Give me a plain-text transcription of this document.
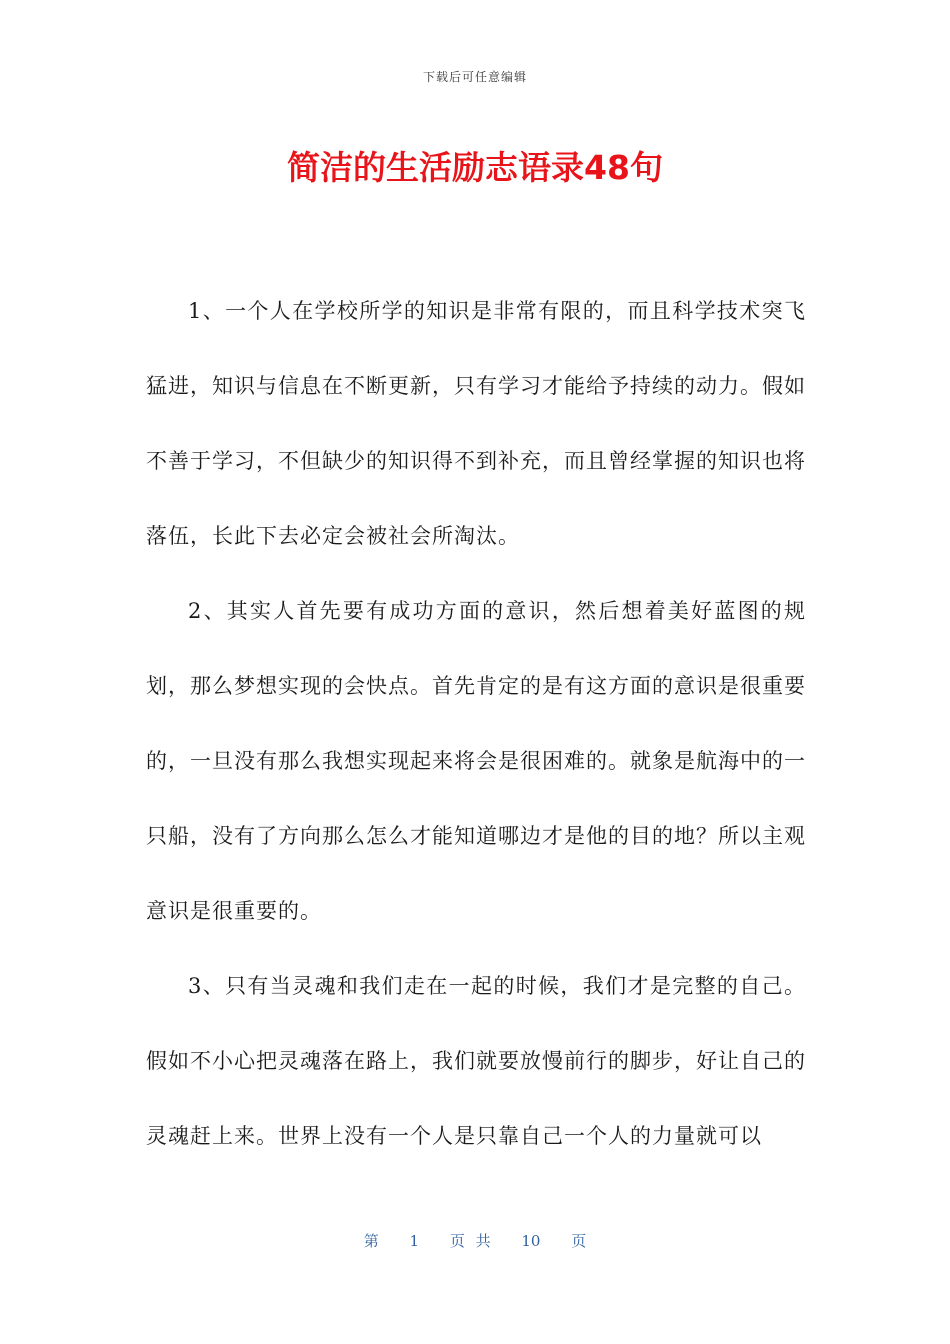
下载后可任意编辑
简洁的生活励志语录48句

1、一个人在学校所学的知识是非常有限的，而且科学技术突飞猛进，知识与信息在不断更新，只有学习才能给予持续的动力。假如不善于学习，不但缺少的知识得不到补充，而且曾经掌握的知识也将落伍，长此下去必定会被社会所淘汰。

2、其实人首先要有成功方面的意识，然后想着美好蓝图的规划，那么梦想实现的会快点。首先肯定的是有这方面的意识是很重要的，一旦没有那么我想实现起来将会是很困难的。就象是航海中的一只船，没有了方向那么怎么才能知道哪边才是他的目的地？所以主观意识是很重要的。

3、只有当灵魂和我们走在一起的时候，我们才是完整的自己。假如不小心把灵魂落在路上，我们就要放慢前行的脚步，好让自己的灵魂赶上来。世界上没有一个人是只靠自己一个人的力量就可以

第 1 页 共 10 页
